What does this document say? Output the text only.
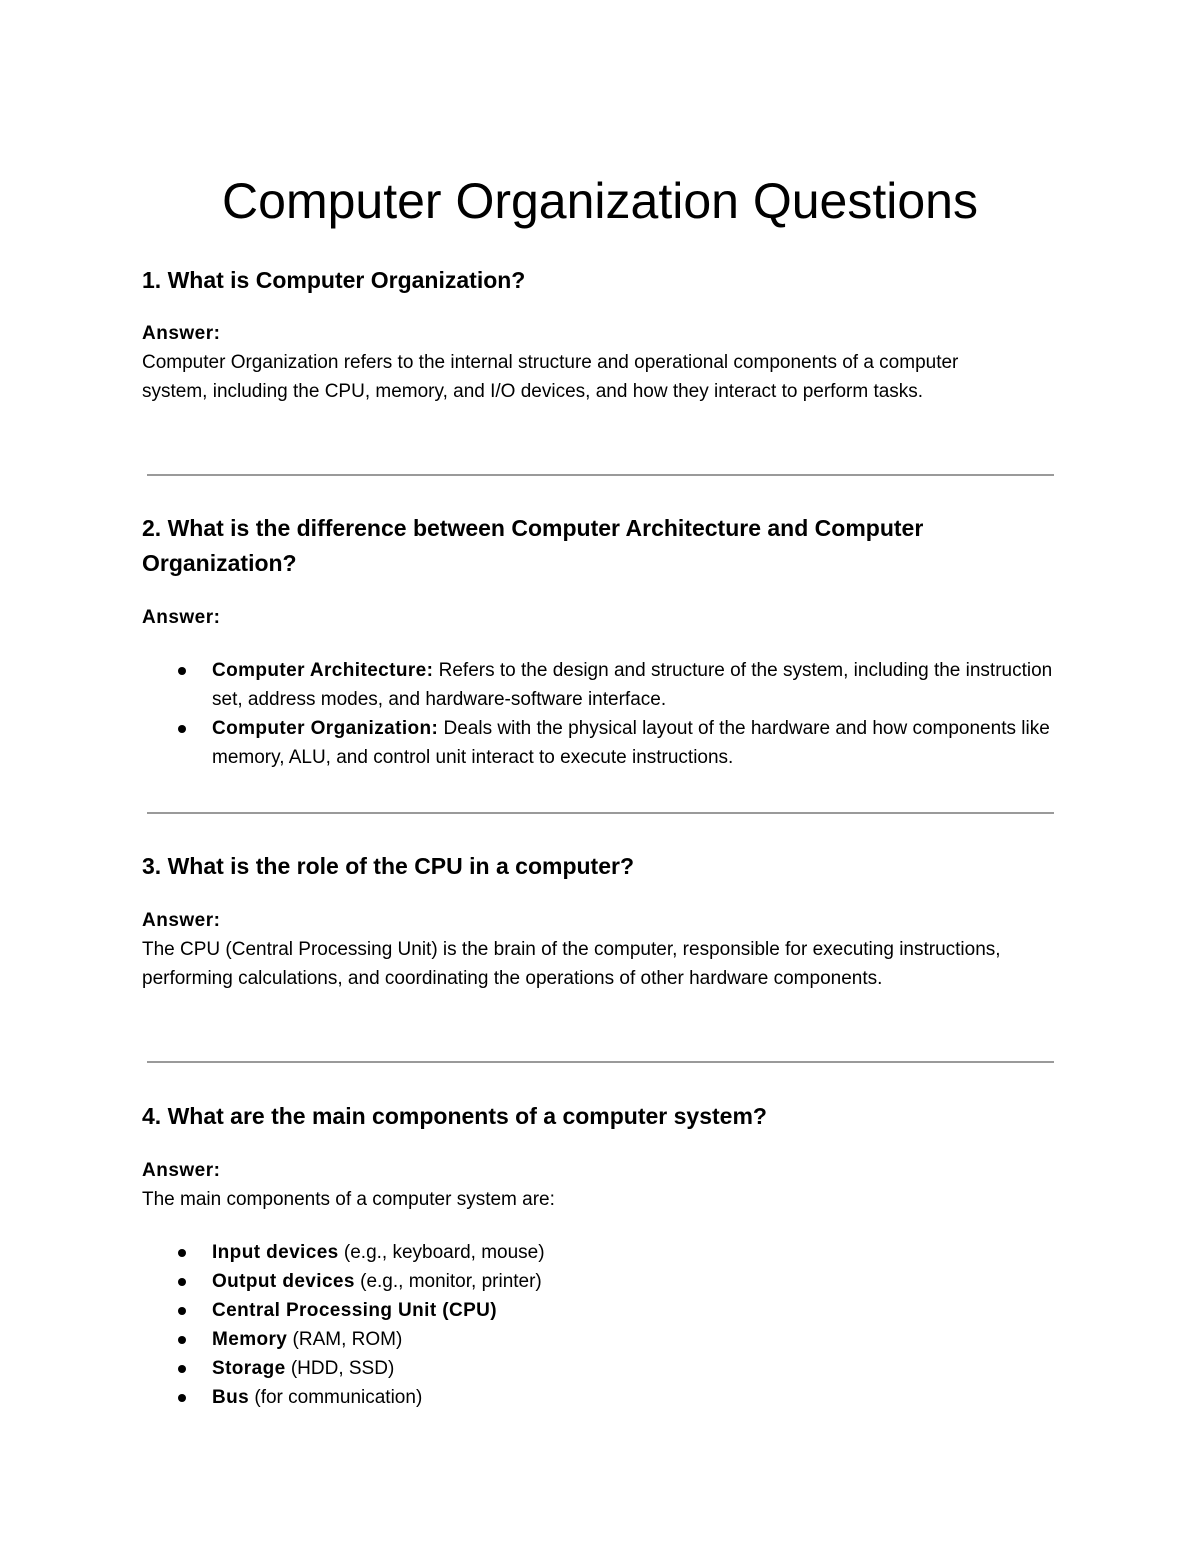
Computer Organization Questions
1. What is Computer Organization?
Answer:
Computer Organization refers to the internal structure and operational components of a computer system, including the CPU, memory, and I/O devices, and how they interact to perform tasks.
2. What is the difference between Computer Architecture and Computer Organization?
Answer:
Computer Architecture: Refers to the design and structure of the system, including the instruction set, address modes, and hardware-software interface.
Computer Organization: Deals with the physical layout of the hardware and how components like memory, ALU, and control unit interact to execute instructions.
3. What is the role of the CPU in a computer?
Answer:
The CPU (Central Processing Unit) is the brain of the computer, responsible for executing instructions, performing calculations, and coordinating the operations of other hardware components.
4. What are the main components of a computer system?
Answer:
The main components of a computer system are:
Input devices (e.g., keyboard, mouse)
Output devices (e.g., monitor, printer)
Central Processing Unit (CPU)
Memory (RAM, ROM)
Storage (HDD, SSD)
Bus (for communication)
